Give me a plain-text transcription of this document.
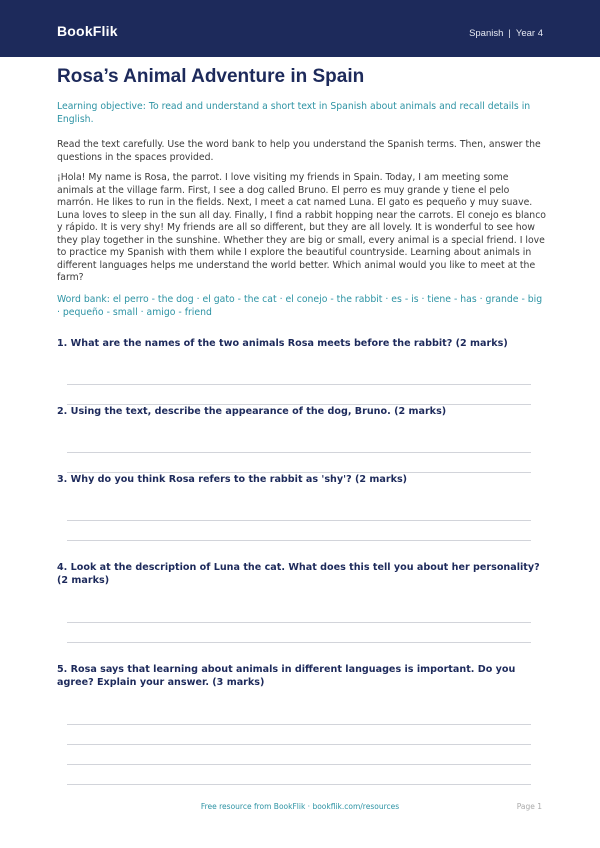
BookFlik	Spanish | Year 4
Rosa’s Animal Adventure in Spain

Learning objective: To read and understand a short text in Spanish about animals and recall details in English.

Read the text carefully. Use the word bank to help you understand the Spanish terms. Then, answer the questions in the spaces provided.

¡Hola! My name is Rosa, the parrot. I love visiting my friends in Spain. Today, I am meeting some animals at the village farm. First, I see a dog called Bruno. El perro es muy grande y tiene el pelo marrón. He likes to run in the fields. Next, I meet a cat named Luna. El gato es pequeño y muy suave. Luna loves to sleep in the sun all day. Finally, I find a rabbit hopping near the carrots. El conejo es blanco y rápido. It is very shy! My friends are all so different, but they are all lovely. It is wonderful to see how they play together in the sunshine. Whether they are big or small, every animal is a special friend. I love to practice my Spanish with them while I explore the beautiful countryside. Learning about animals in different languages helps me understand the world better. Which animal would you like to meet at the farm?

Word bank: el perro - the dog · el gato - the cat · el conejo - the rabbit · es - is · tiene - has · grande - big · pequeño - small · amigo - friend

1. What are the names of the two animals Rosa meets before the rabbit? (2 marks)
2. Using the text, describe the appearance of the dog, Bruno. (2 marks)
3. Why do you think Rosa refers to the rabbit as 'shy'? (2 marks)
4. Look at the description of Luna the cat. What does this tell you about her personality? (2 marks)
5. Rosa says that learning about animals in different languages is important. Do you agree? Explain your answer. (3 marks)
Free resource from BookFlik · bookflik.com/resources	Page 1
